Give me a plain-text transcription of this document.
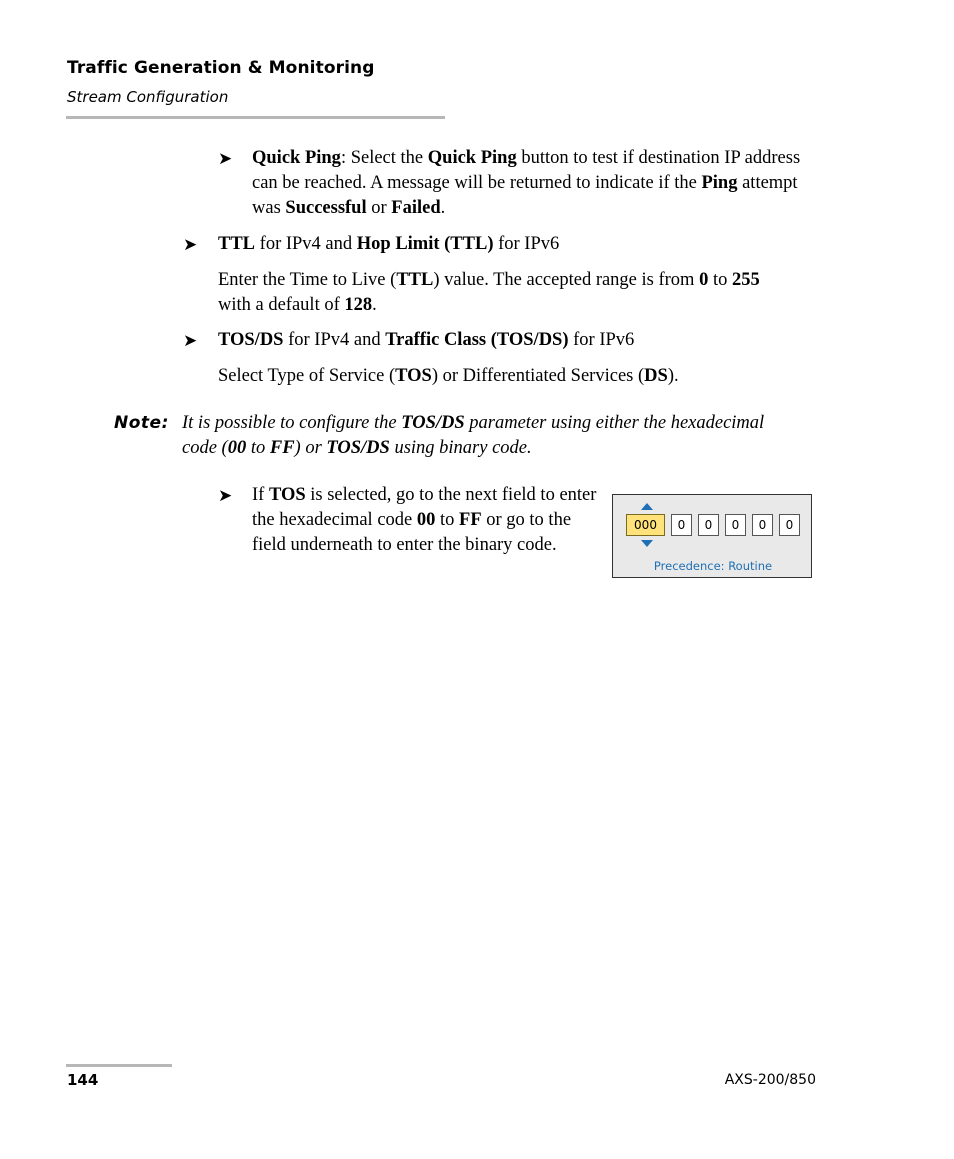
Traffic Generation & Monitoring
Stream Configuration
➤ Quick Ping: Select the Quick Ping button to test if destination IP address can be reached. A message will be returned to indicate if the Ping attempt was Successful or Failed.

➤ TTL for IPv4 and Hop Limit (TTL) for IPv6

Enter the Time to Live (TTL) value. The accepted range is from 0 to 255 with a default of 128.

➤ TOS/DS for IPv4 and Traffic Class (TOS/DS) for IPv6

Select Type of Service (TOS) or Differentiated Services (DS).

Note: It is possible to configure the TOS/DS parameter using either the hexadecimal code (00 to FF) or TOS/DS using binary code.

➤ If TOS is selected, go to the next field to enter the hexadecimal code 00 to FF or go to the field underneath to enter the binary code.

000	0	0	0	0	0
Precedence: Routine
144	AXS-200/850
